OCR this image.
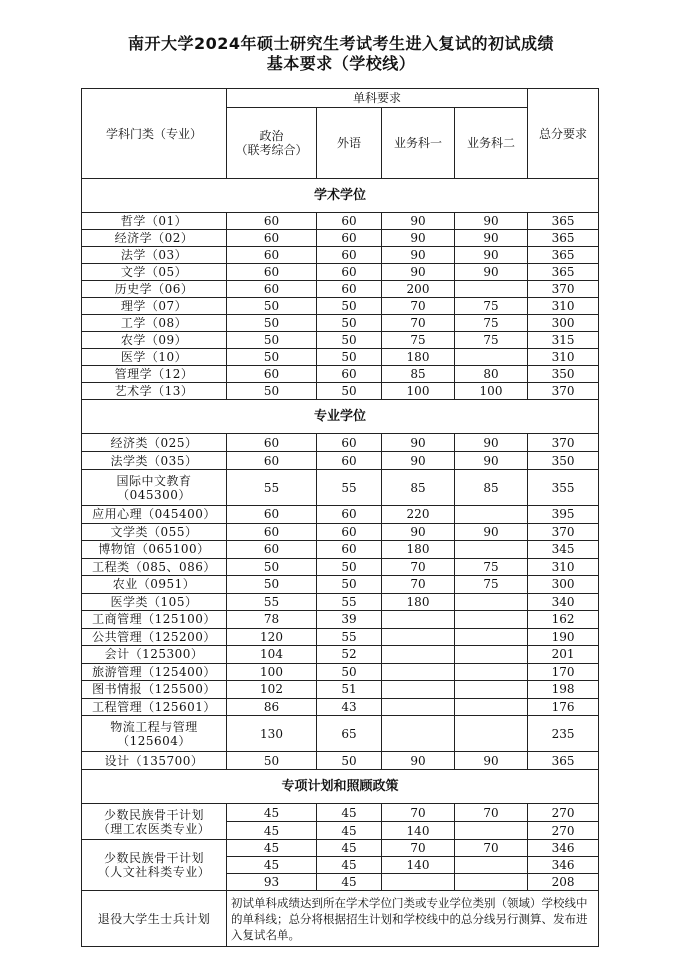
南开大学2024年硕士研究生考试考生进入复试的初试成绩
基本要求（学校线）
学科门类（专业）	单科要求				总分要求

	政治
（联考综合）	外语	业务科一	业务科二	
学术学位					
哲学（01）	60	60	90	90	365
经济学（02）	60	60	90	90	365
法学（03）	60	60	90	90	365
文学（05）	60	60	90	90	365
历史学（06）	60	60	200		370
理学（07）	50	50	70	75	310
工学（08）	50	50	70	75	300
农学（09）	50	50	75	75	315
医学（10）	50	50	180		310
管理学（12）	60	60	85	80	350
艺术学（13）	50	50	100	100	370
专业学位					
经济类（025）	60	60	90	90	370
法学类（035）	60	60	90	90	350

国际中文教育
（045300）	55	55	85	85	355
应用心理（045400）	60	60	220		395
文学类（055）	60	60	90	90	370
博物馆（065100）	60	60	180		345
工程类（085、086）	50	50	70	75	310
农业（0951）	50	50	70	75	300
医学类（105）	55	55	180		340
工商管理（125100）	78	39			162
公共管理（125200）	120	55			190
会计（125300）	104	52			201
旅游管理（125400）	100	50			170
图书情报（125500）	102	51			198
工程管理（125601）	86	43			176

物流工程与管理
（125604）	130	65			235
设计（135700）	50	50	90	90	365
专项计划和照顾政策					

少数民族骨干计划
（理工农医类专业）	45	45	70	70	270
	45	45	140		270

少数民族骨干计划
（人文社科类专业）	45	45	70	70	346
	45	45	140		346
	93	45			208
退役大学生士兵计划	初试单科成绩达到所在学术学位门类或专业学位类别（领域）学校线中的单科线；总分将根据招生计划和学校线中的总分线另行测算、发布进入复试名单。				
